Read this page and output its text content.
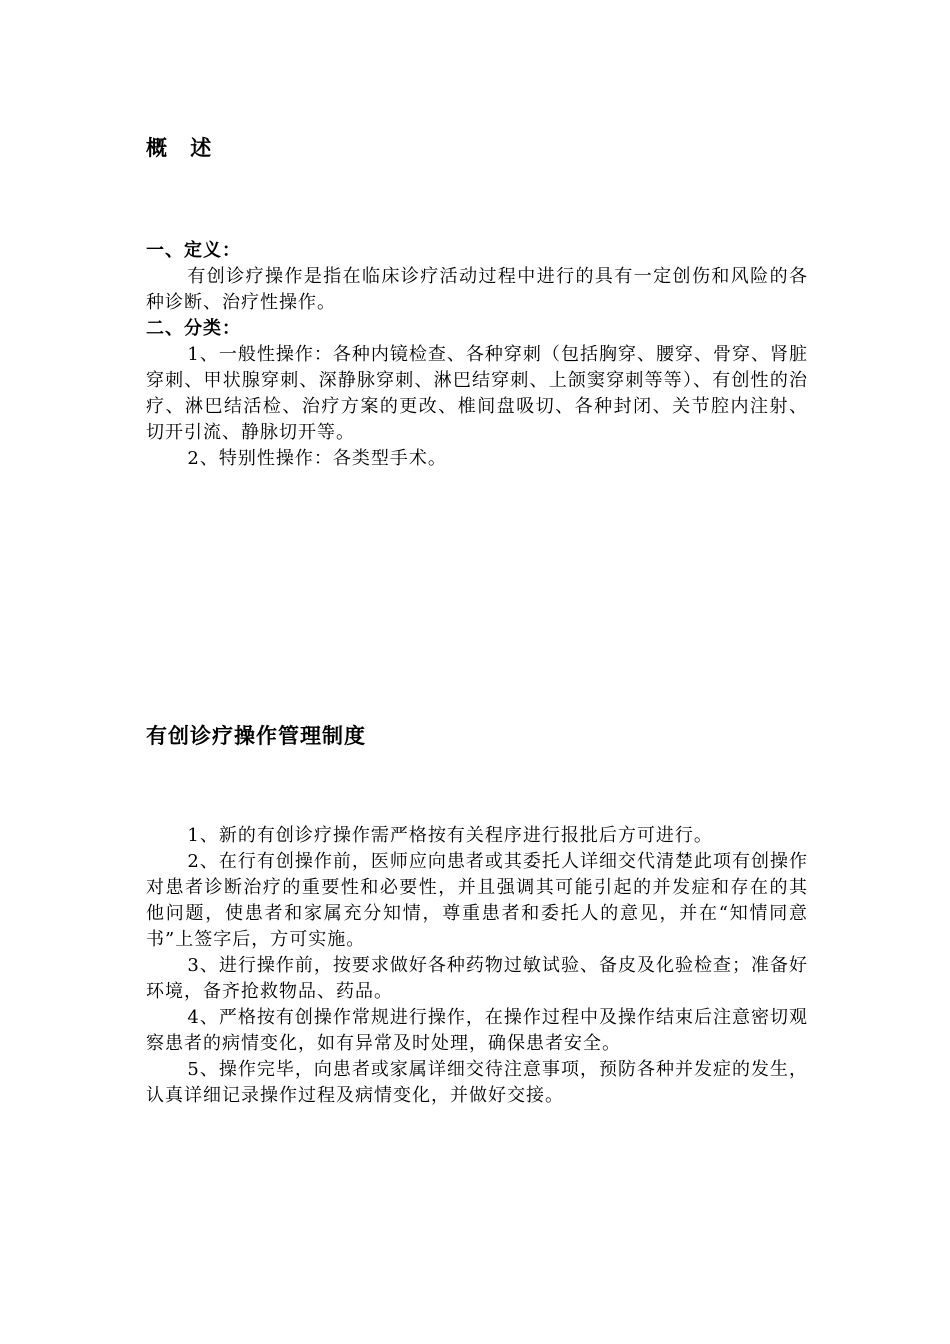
概 述

一、定义：

有创诊疗操作是指在临床诊疗活动过程中进行的具有一定创伤和风险的各种诊断、治疗性操作。

二、分类：

1、一般性操作：各种内镜检查、各种穿刺（包括胸穿、腰穿、骨穿、肾脏穿刺、甲状腺穿刺、深静脉穿刺、淋巴结穿刺、上颌窦穿刺等等）、有创性的治疗、淋巴结活检、治疗方案的更改、椎间盘吸切、各种封闭、关节腔内注射、切开引流、静脉切开等。

2、特别性操作：各类型手术。

有创诊疗操作管理制度

1、新的有创诊疗操作需严格按有关程序进行报批后方可进行。

2、在行有创操作前，医师应向患者或其委托人详细交代清楚此项有创操作对患者诊断治疗的重要性和必要性，并且强调其可能引起的并发症和存在的其他问题，使患者和家属充分知情，尊重患者和委托人的意见，并在“知情同意书”上签字后，方可实施。

3、进行操作前，按要求做好各种药物过敏试验、备皮及化验检查；准备好环境，备齐抢救物品、药品。

4、严格按有创操作常规进行操作，在操作过程中及操作结束后注意密切观察患者的病情变化，如有异常及时处理，确保患者安全。

5、操作完毕，向患者或家属详细交待注意事项，预防各种并发症的发生，认真详细记录操作过程及病情变化，并做好交接。
